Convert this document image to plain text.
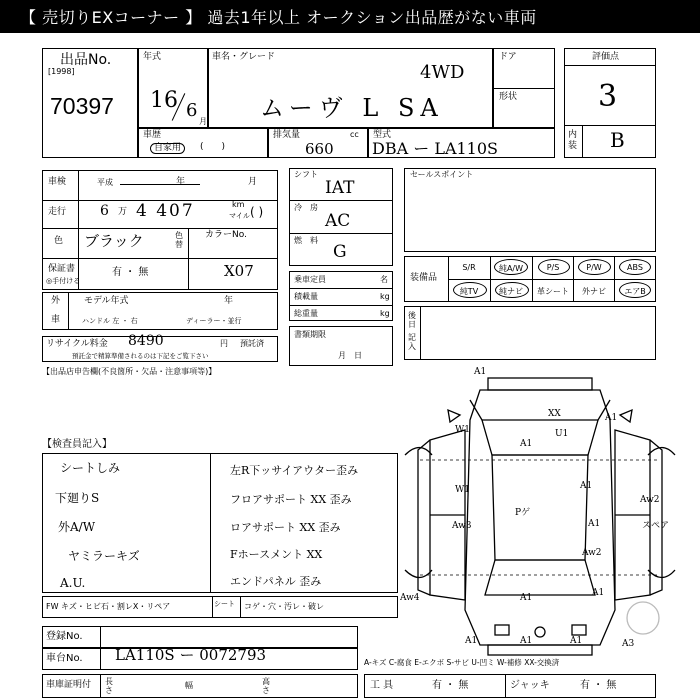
【 売切りEXコーナー 】 過去1年以上 オークション出品歴がない車両
出品No.
[1998]
70397
年式
16 6
月
車名・グレード
4WD
ムーヴ L SA
ドア
形状
評価点
3
内装 B
車歴
自家用	(　　)
排気量	cc
660
型式
DBA ー LA110S
車検	平成	年	月
走行 6 万 4 407	km
マイル ( )
色 ブラック	色替
カラーNo.
X07
保証書
◎手付ける
有 ・ 無
外
車
モデル年式	年
ハンドル 左 ・ 右	ディーラー・並行
リサイクル料金 8490	円 預託済
預託金で精算準備されるのは下記をご覧下さい
【出品店申告欄(不良箇所・欠品・注意事項等)】
シフト
IAT
冷房
AC
燃料
G
乗車定員	名
積載量	kg
総重量	kg
書類期限
月　日
セールスポイント
装備品
S/R	純A/W	P/S	P/W	ABS
純TV	純ナビ	革シート	外ナビ	エアB
後日
記入
A1
XX
A1
U1
W1
A1
W1	A1
Aw2
Aw3
Pゲ
A1
Aw2
Aw4	A1	A1
A1	A1	A1	A3
スペア
A-キズ C-腐食 E-エクボ S-サビ U-凹ミ W-補修 XX-交換済
【検査員記入】
シートしみ
下廻りS
外A/W
ヤミラーキズ
A.U.
左R下ッサイアウター歪み
フロアサポート XX 歪み
ロアサポート XX 歪み
Fホースメント XX
エンドパネル 歪み
FW キズ・ヒビ石・割レX・リペア	シート	コゲ・穴・汚レ・破レ
登録No.
車台No. LA110S ー 0072793
車庫証明付 長さ
幅	高さ	工 具	有 ・ 無	ジャッキ	有 ・ 無
